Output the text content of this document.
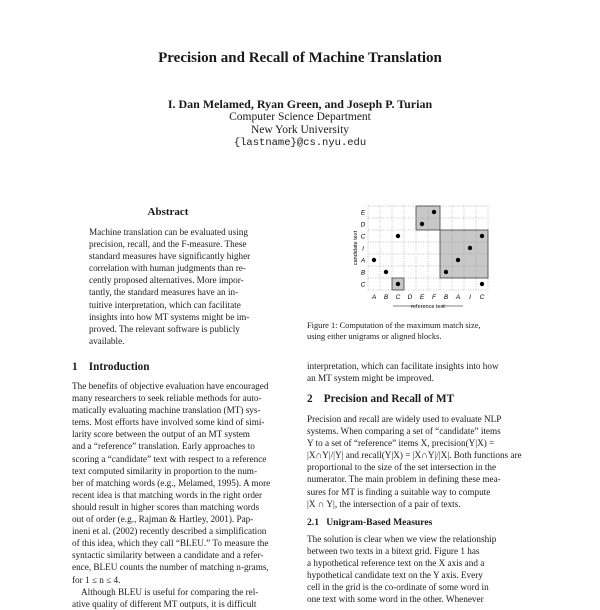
Precision and Recall of Machine Translation
I. Dan Melamed, Ryan Green, and Joseph P. Turian
Computer Science Department
New York University
{lastname}@cs.nyu.edu
Abstract
Machine translation can be evaluated using
precision, recall, and the F-measure. These
standard measures have significantly higher
correlation with human judgments than re-
cently proposed alternatives. More impor-
tantly, the standard measures have an in-
tuitive interpretation, which can facilitate
insights into how MT systems might be im-
proved. The relevant software is publicly
available.
A B C D E F B A I C
E
D
C
I
A
B
C
reference text
candidate text
Figure 1: Computation of the maximum match size,
using either unigrams or aligned blocks.
1 Introduction
The benefits of objective evaluation have encouraged
many researchers to seek reliable methods for auto-
matically evaluating machine translation (MT) sys-
tems. Most efforts have involved some kind of simi-
larity score between the output of an MT system
and a “reference” translation. Early approaches to
scoring a “candidate” text with respect to a reference
text computed similarity in proportion to the num-
ber of matching words (e.g., Melamed, 1995). A more
recent idea is that matching words in the right order
should result in higher scores than matching words
out of order (e.g., Rajman & Hartley, 2001). Pap-
ineni et al. (2002) recently described a simplification
of this idea, which they call “BLEU.” To measure the
syntactic similarity between a candidate and a refer-
ence, BLEU counts the number of matching n-grams,
for 1 ≤ n ≤ 4.
Although BLEU is useful for comparing the rel-
ative quality of different MT outputs, it is difficult
interpretation, which can facilitate insights into how
an MT system might be improved.
2 Precision and Recall of MT
Precision and recall are widely used to evaluate NLP
systems. When comparing a set of “candidate” items
Y to a set of “reference” items X, precision(Y|X) =
|X∩Y|/|Y| and recall(Y|X) = |X∩Y|/|X|. Both functions are
proportional to the size of the set intersection in the
numerator. The main problem in defining these mea-
sures for MT is finding a suitable way to compute
|X ∩ Y|, the intersection of a pair of texts.
2.1 Unigram-Based Measures
The solution is clear when we view the relationship
between two texts in a bitext grid. Figure 1 has
a hypothetical reference text on the X axis and a
hypothetical candidate text on the Y axis. Every
cell in the grid is the co-ordinate of some word in
one text with some word in the other. Whenever
